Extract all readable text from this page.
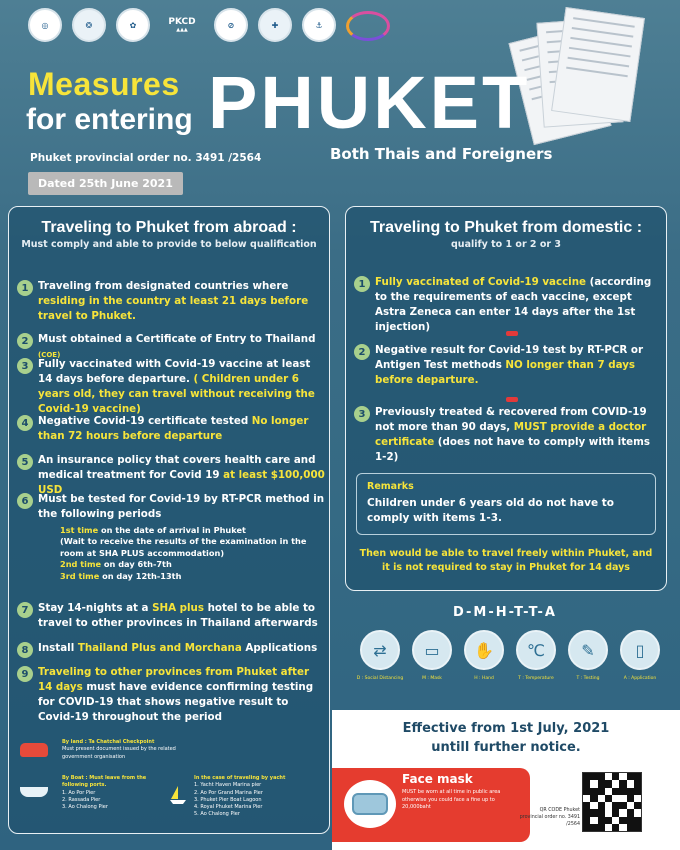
◎	❂	✿	PKCD
▲▲▲
⊘	✚	⚓
Measures
for entering PHUKET
Both Thais and Foreigners
Phuket provincial order no. 3491 /2564
Dated 25th June 2021
Traveling to Phuket from abroad :
Must comply and able to provide to below qualification
1 Traveling from designated countries where residing in the country at least 21 days before travel to Phuket.
2 Must obtained a Certificate of Entry to Thailand (COE)
3 Fully vaccinated with Covid-19 vaccine at least 14 days before departure. ( Children under 6 years old, they can travel without receiving the Covid-19 vaccine)
4 Negative Covid-19 certificate tested No longer than 72 hours before departure
5 An insurance policy that covers health care and medical treatment for Covid 19 at least $100,000 USD
6 Must be tested for Covid-19 by RT-PCR method in the following periods
1st time on the date of arrival in Phuket
(Wait to receive the results of the examination in the room at SHA PLUS accommodation)
2nd time on day 6th-7th
3rd time on day 12th-13th
7 Stay 14-nights at a SHA plus hotel to be able to travel to other provinces in Thailand afterwards
8 Install Thailand Plus and Morchana Applications
9 Traveling to other provinces from Phuket after 14 days must have evidence confirming testing for COVID-19 that shows negative result to Covid-19 throughout the period
By land : Ta Chatchai Checkpoint
Must present document issued by the related government organisation
By Boat : Must leave from the following ports.
1. Ao Por Pier
2. Rassada Pier
3. Ao Chalong Pier
In the case of traveling by yacht
1. Yacht Haven Marina pier
2. Ao Por Grand Marina Pier
3. Phuket Pier Boat Lagoon
4. Royal Phuket Marina Pier
5. Ao Chalong Pier
Traveling to Phuket from domestic :
qualify to 1 or 2 or 3
1 Fully vaccinated of Covid-19 vaccine (according to the requirements of each vaccine, except Astra Zeneca can enter 14 days after the 1st injection)
2 Negative result for Covid-19 test by RT-PCR or Antigen Test methods NO longer than 7 days before departure.
3 Previously treated & recovered from COVID-19 not more than 90 days, MUST provide a doctor certificate (does not have to comply with items 1-2)
Remarks
Children under 6 years old do not have to comply with items 1-3.
Then would be able to travel freely within Phuket, and it is not required to stay in Phuket for 14 days
D-M-H-T-T-A
⇄
D : Social Distancing
▭
M : Mask
✋
H : Hand
℃
T : Temperature
✎
T : Testing
▯
A : Application
Effective from 1st July, 2021
untill further notice.
Face mask
MUST be worn at all time in public area otherwise you could face a fine up to 20,000baht
QR CODE Phuket provincial order no. 3491 /2564
